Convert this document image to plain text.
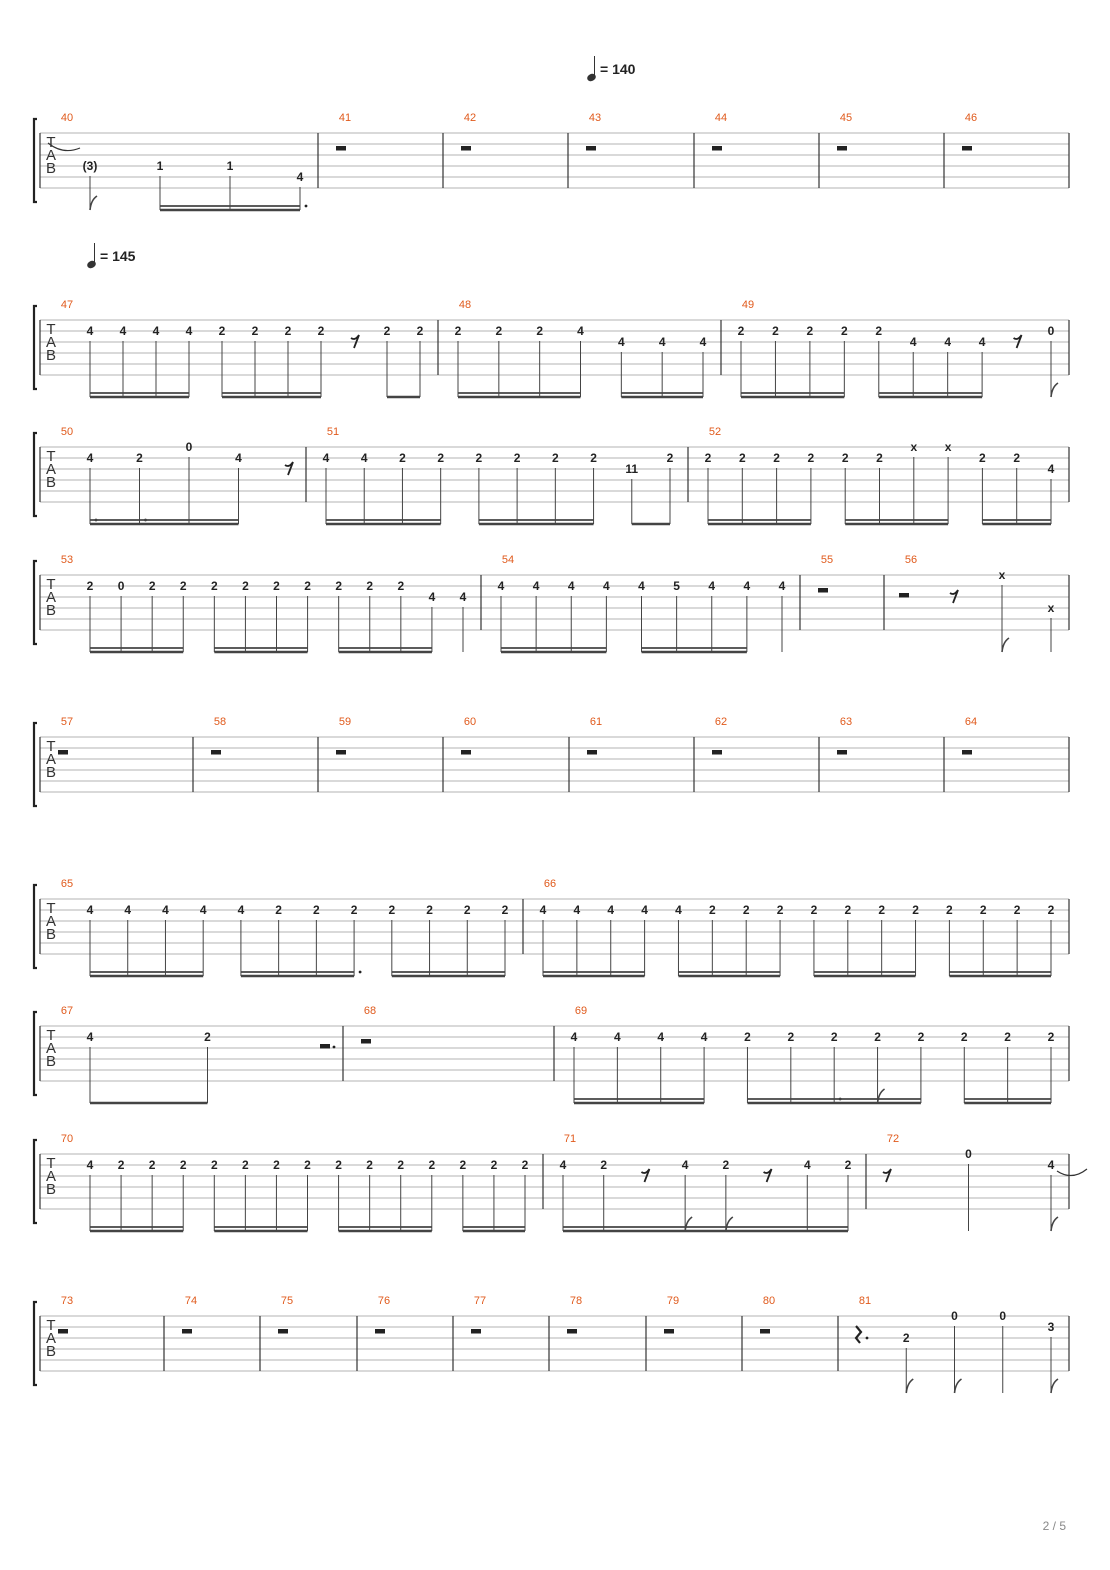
= 140
= 145
T
A
B
40
(3)	1	1
4
41	42	43	44	45	46
T
A
B
47
4 4 4 4 2 2 2 2	2 2
48
2	2	2	4
4	4	4
49
2 2 2 2 2
4 4 4
0
T
A
B
50
4	2
0
4
51
4	4	2	2	2	2	2	2
11
2
52
2 2 2 2 2 2
x x
2 2
4
T
A
B
53
2 0 2 2 2 2 2 2 2 2 2
4 4
54
4 4 4 4 4 5 4 4 4
55	56
x
x
T
A
B
57	58	59	60	61	62	63	64
T
A
B
65
4	4	4	4	4	2	2	2	2	2	2	2
66
4 4 4 4 4 2 2 2 2 2 2 2 2 2 2 2
T
A
B
67
4	2
68	69
4	4	4	4	2	2	2	2	2	2	2	2
T
A
B
70
4 2 2 2 2 2 2 2 2 2 2 2 2 2 2
71
4	2	4	2	4	2
72
0
4
T
A
B
73	74	75	76	77	78	79	80	81
2
0	0
3
2 / 5
